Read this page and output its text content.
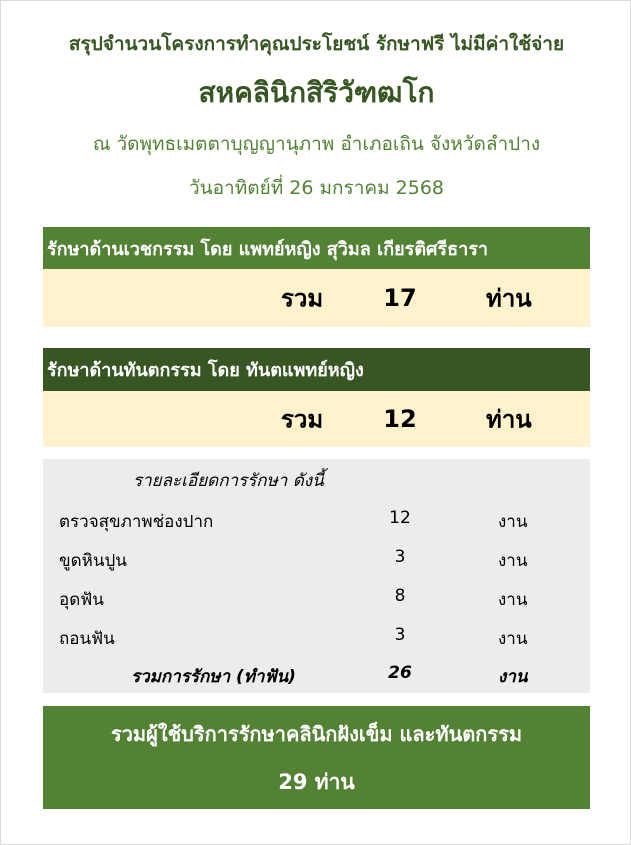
สรุปจำนวนโครงการทำคุณประโยชน์ รักษาฟรี ไม่มีค่าใช้จ่าย
สหคลินิกสิริวัฑฒโก
ณ วัดพุทธเมตตาบุญญานุภาพ อำเภอเถิน จังหวัดลำปาง
วันอาทิตย์ที่ 26 มกราคม 2568
รักษาด้านเวชกรรม โดย แพทย์หญิง สุวิมล เกียรติศรีธารา
รวม	17	ท่าน
รักษาด้านทันตกรรม โดย ทันตแพทย์หญิง
รวม	12	ท่าน
รายละเอียดการรักษา ดังนี้
ตรวจสุขภาพช่องปาก	12	งาน
ขูดหินปูน	3	งาน
อุดฟัน	8	งาน
ถอนฟัน	3	งาน
รวมการรักษา (ทำฟัน)	26	งาน
รวมผู้ใช้บริการรักษาคลินิกฝังเข็ม และทันตกรรม
29 ท่าน
